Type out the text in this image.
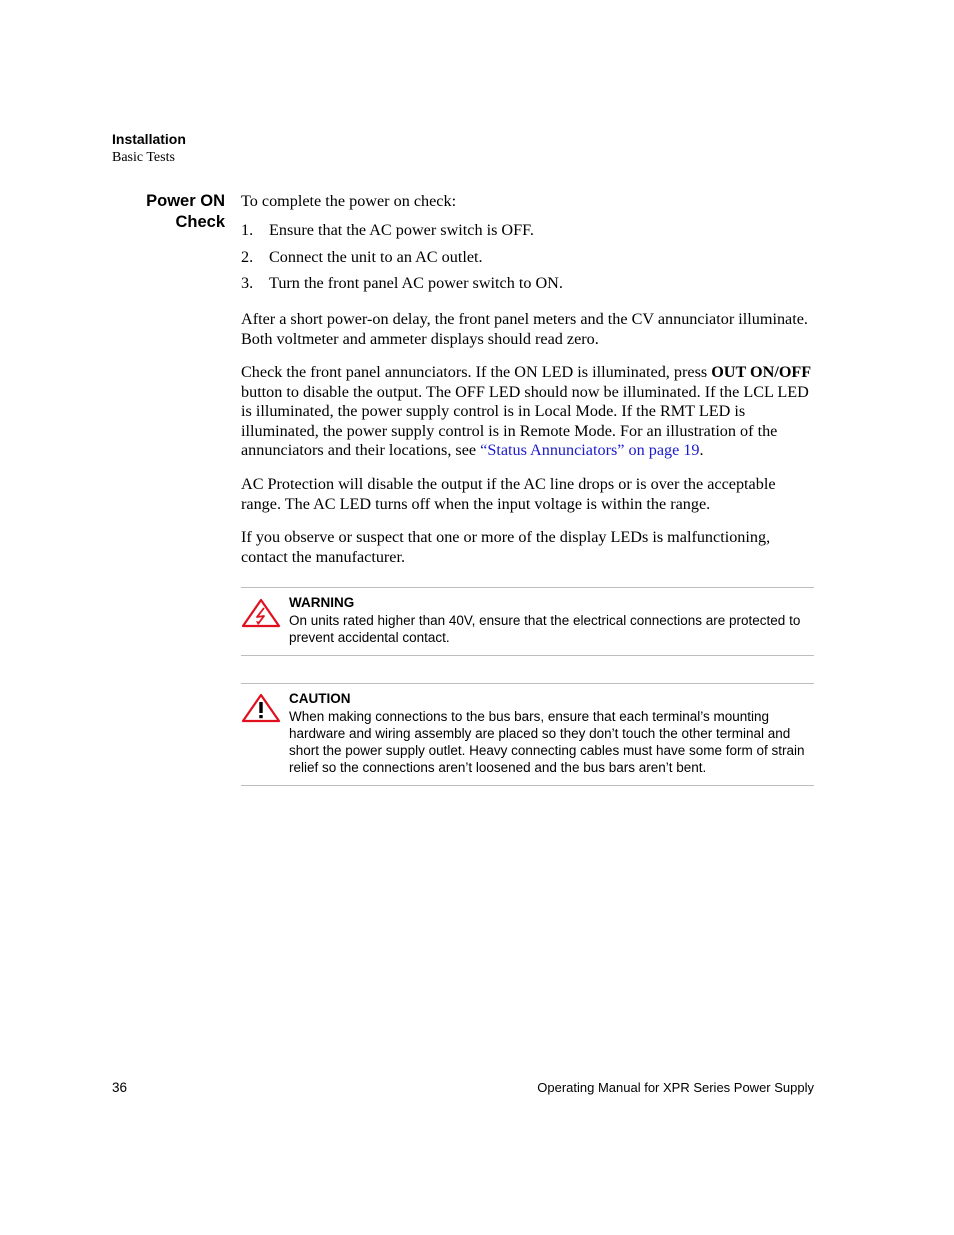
Installation
Basic Tests
Power ON
Check
To complete the power on check:
1. Ensure that the AC power switch is OFF.
2. Connect the unit to an AC outlet.
3. Turn the front panel AC power switch to ON.

After a short power-on delay, the front panel meters and the CV annunciator illuminate. Both voltmeter and ammeter displays should read zero.

Check the front panel annunciators. If the ON LED is illuminated, press OUT ON/OFF button to disable the output. The OFF LED should now be illuminated. If the LCL LED is illuminated, the power supply control is in Local Mode. If the RMT LED is illuminated, the power supply control is in Remote Mode. For an illustration of the annunciators and their locations, see “Status Annunciators” on page 19.

AC Protection will disable the output if the AC line drops or is over the acceptable range. The AC LED turns off when the input voltage is within the range.

If you observe or suspect that one or more of the display LEDs is malfunctioning, contact the manufacturer.

WARNING
On units rated higher than 40V, ensure that the electrical connections are protected to prevent accidental contact.
CAUTION
When making connections to the bus bars, ensure that each terminal’s mounting hardware and wiring assembly are placed so they don’t touch the other terminal and short the power supply outlet. Heavy connecting cables must have some form of strain relief so the connections aren’t loosened and the bus bars aren’t bent.
36	Operating Manual for XPR Series Power Supply
